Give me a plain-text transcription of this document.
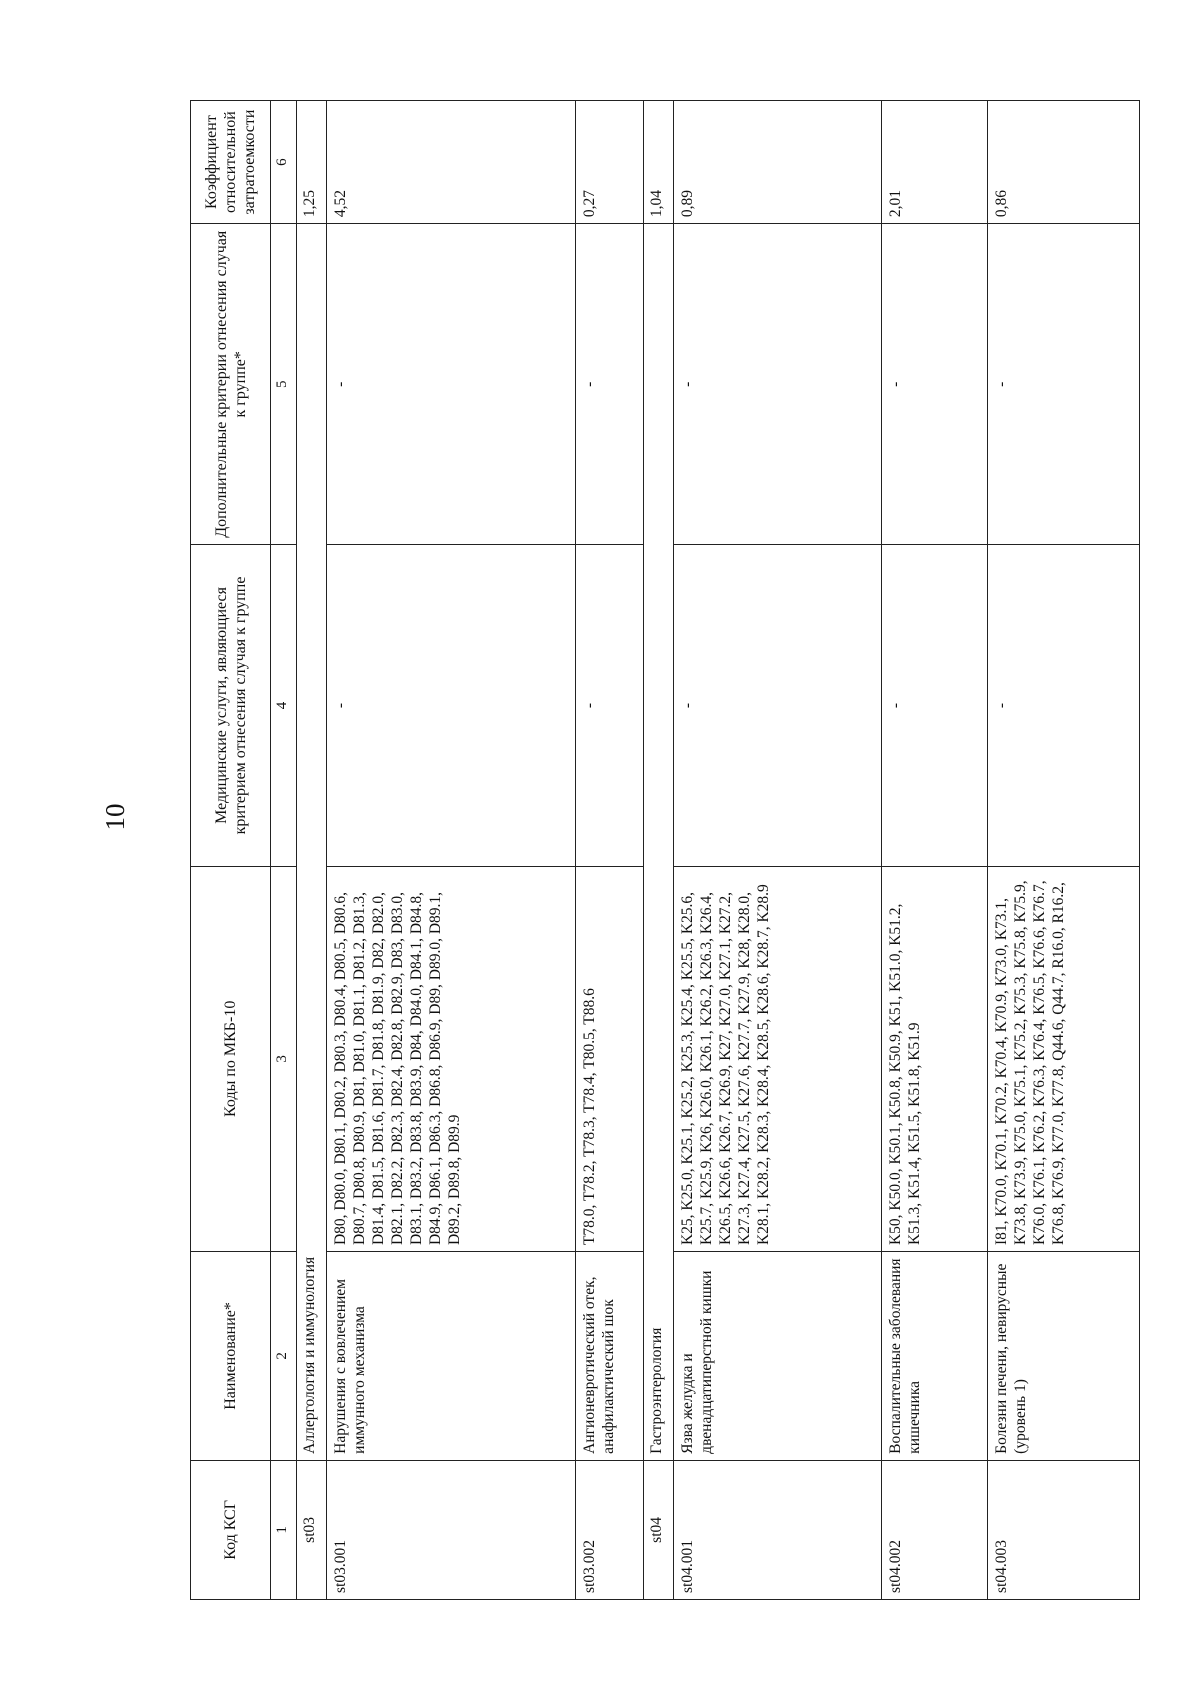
10
Код КСГ	Наименование*	Коды по МКБ-10	Медицинские услуги, являющиеся критерием отнесения случая к группе	Дополнительные критерии отнесения случая к группе*	Коэффициент относительной затратоемкости
1	2	3	4	5	6
st03	Аллергология и иммунология				1,25
st03.001	Нарушения с вовлечением иммунного механизма	D80, D80.0, D80.1, D80.2, D80.3, D80.4, D80.5, D80.6, D80.7, D80.8, D80.9, D81, D81.0, D81.1, D81.2, D81.3, D81.4, D81.5, D81.6, D81.7, D81.8, D81.9, D82, D82.0, D82.1, D82.2, D82.3, D82.4, D82.8, D82.9, D83, D83.0, D83.1, D83.2, D83.8, D83.9, D84, D84.0, D84.1, D84.8, D84.9, D86.1, D86.3, D86.8, D86.9, D89, D89.0, D89.1, D89.2, D89.8, D89.9	-	-	4,52
st03.002	Ангионевротический отек, анафилактический шок	T78.0, T78.2, T78.3, T78.4, T80.5, T88.6	-	-	0,27
st04	Гастроэнтерология				1,04
st04.001	Язва желудка и двенадцатиперстной кишки	K25, K25.0, K25.1, K25.2, K25.3, K25.4, K25.5, K25.6, K25.7, K25.9, K26, K26.0, K26.1, K26.2, K26.3, K26.4, K26.5, K26.6, K26.7, K26.9, K27, K27.0, K27.1, K27.2, K27.3, K27.4, K27.5, K27.6, K27.7, K27.9, K28, K28.0, K28.1, K28.2, K28.3, K28.4, K28.5, K28.6, K28.7, K28.9	-	-	0,89
st04.002	Воспалительные заболевания кишечника	K50, K50.0, K50.1, K50.8, K50.9, K51, K51.0, K51.2, K51.3, K51.4, K51.5, K51.8, K51.9	-	-	2,01
st04.003	Болезни печени, невирусные (уровень 1)	I81, K70.0, K70.1, K70.2, K70.4, K70.9, K73.0, K73.1, K73.8, K73.9, K75.0, K75.1, K75.2, K75.3, K75.8, K75.9, K76.0, K76.1, K76.2, K76.3, K76.4, K76.5, K76.6, K76.7, K76.8, K76.9, K77.0, K77.8, Q44.6, Q44.7, R16.0, R16.2,	-	-	0,86
